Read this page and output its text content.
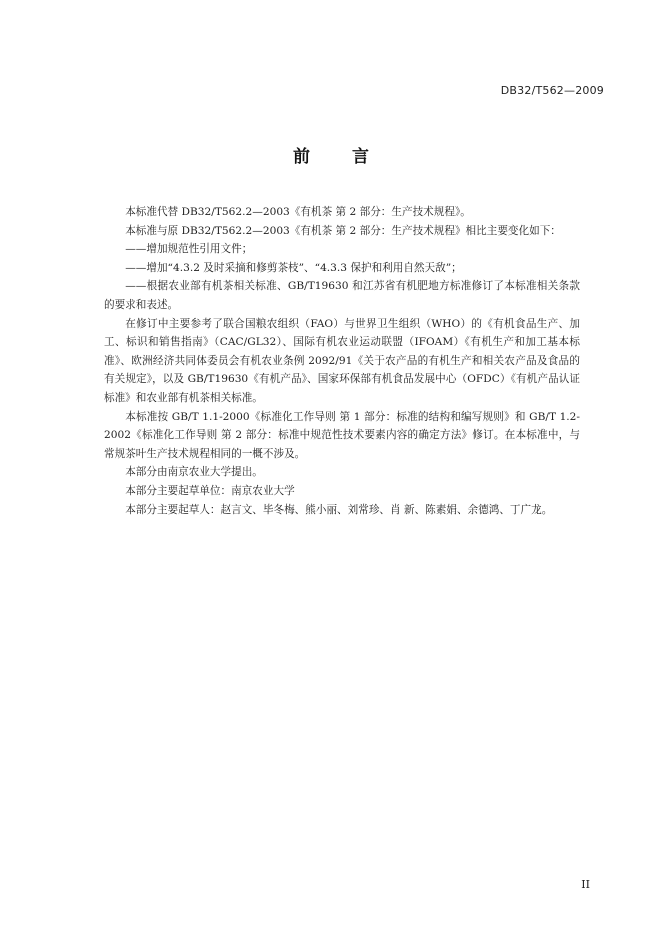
DB32/T562—2009
前 言

本标准代替 DB32/T562.2—2003《有机茶 第 2 部分：生产技术规程》。

本标准与原 DB32/T562.2—2003《有机茶 第 2 部分：生产技术规程》相比主要变化如下：

——增加规范性引用文件；

——增加“4.3.2 及时采摘和修剪茶枝”、“4.3.3 保护和利用自然天敌”；

——根据农业部有机茶相关标准、GB/T19630 和江苏省有机肥地方标准修订了本标准相关条款的要求和表述。

在修订中主要参考了联合国粮农组织（FAO）与世界卫生组织（WHO）的《有机食品生产、加工、标识和销售指南》（CAC/GL32）、国际有机农业运动联盟（IFOAM）《有机生产和加工基本标准》、欧洲经济共同体委员会有机农业条例 2092/91《关于农产品的有机生产和相关农产品及食品的有关规定》，以及 GB/T19630《有机产品》、国家环保部有机食品发展中心（OFDC）《有机产品认证标准》和农业部有机茶相关标准。

本标准按 GB/T 1.1-2000《标准化工作导则 第 1 部分：标准的结构和编写规则》和 GB/T 1.2-2002《标准化工作导则 第 2 部分：标准中规范性技术要素内容的确定方法》修订。在本标准中，与常规茶叶生产技术规程相同的一概不涉及。

本部分由南京农业大学提出。

本部分主要起草单位：南京农业大学

本部分主要起草人：赵言文、毕冬梅、熊小丽、刘常珍、肖 新、陈素娟、余德鸿、丁广龙。

II
